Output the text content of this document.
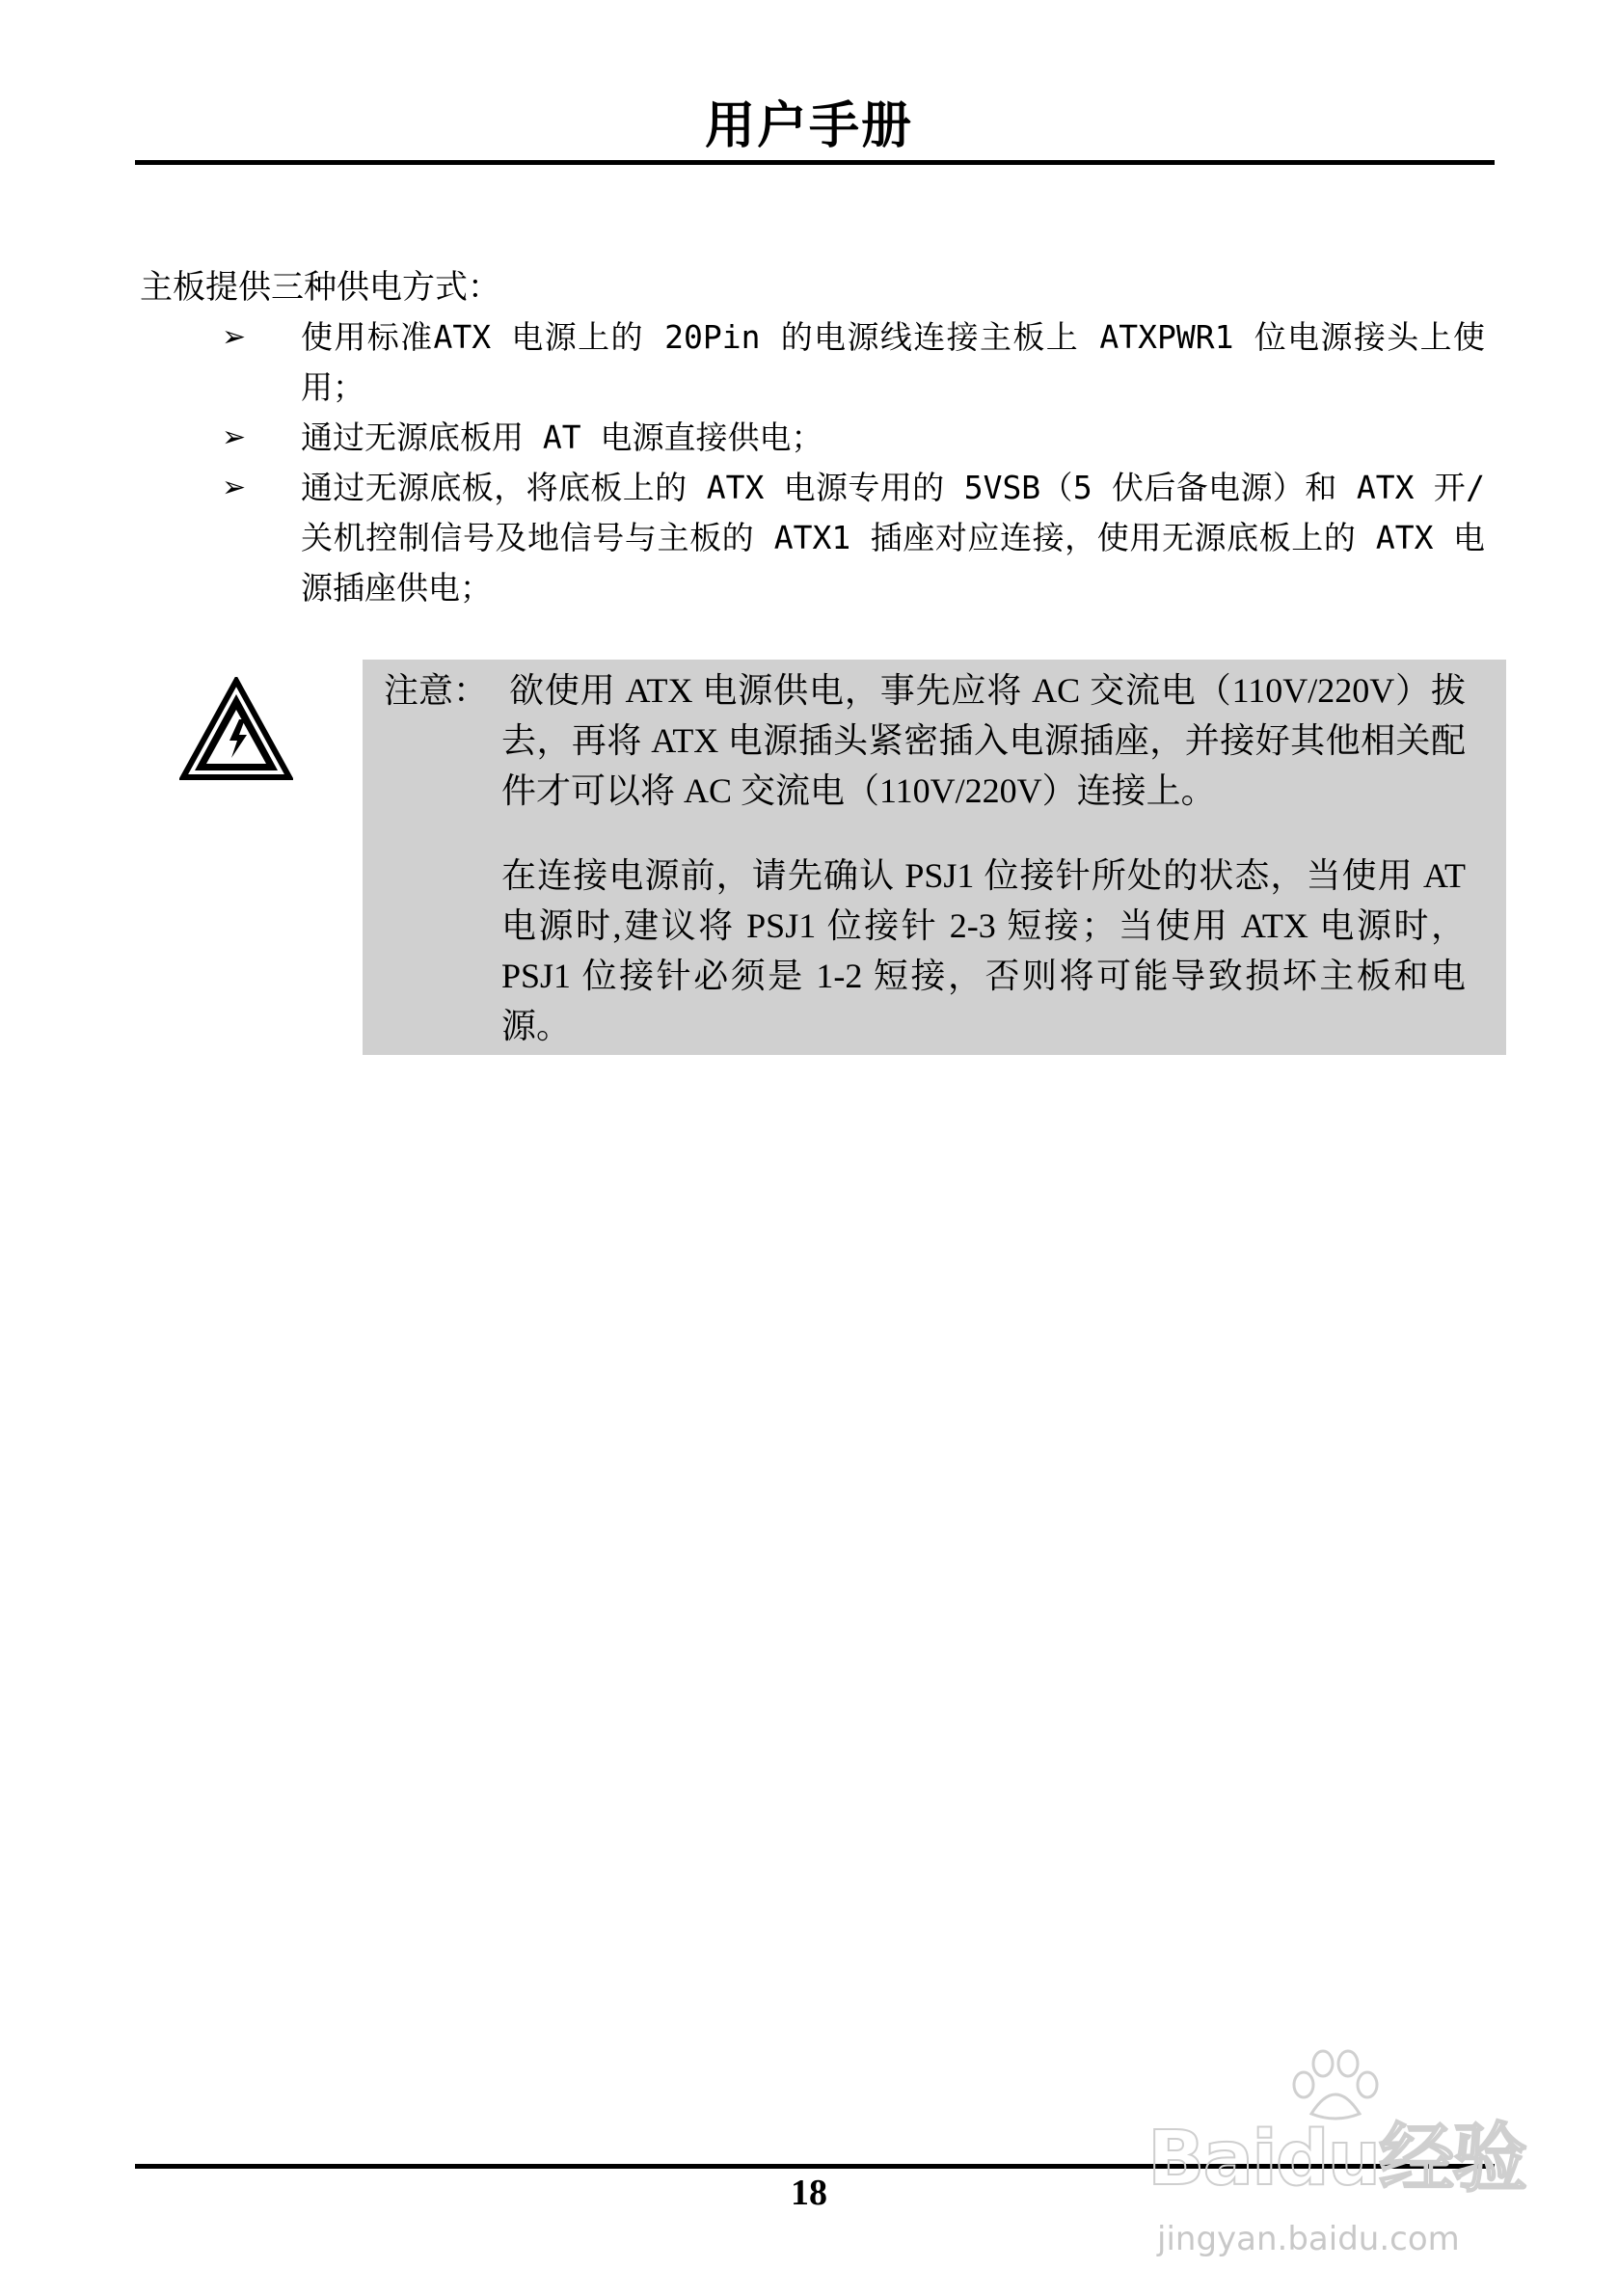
用户手册
主板提供三种供电方式：
➢ 使用标准ATX 电源上的 20Pin 的电源线连接主板上 ATXPWR1 位电源接头上使用；
➢ 通过无源底板用 AT 电源直接供电；
➢ 通过无源底板，将底板上的 ATX 电源专用的 5VSB（5 伏后备电源）和 ATX 开/关机控制信号及地信号与主板的 ATX1 插座对应连接，使用无源底板上的 ATX 电源插座供电；
注意： 欲使用 ATX 电源供电，事先应将 AC 交流电（110V/220V）拔去，再将 ATX 电源插头紧密插入电源插座，并接好其他相关配件才可以将 AC 交流电（110V/220V）连接上。

在连接电源前，请先确认 PSJ1 位接针所处的状态，当使用 AT 电源时,建议将 PSJ1 位接针 2-3 短接；当使用 ATX 电源时，PSJ1 位接针必须是 1-2 短接，否则将可能导致损坏主板和电源。

18	Baidu经验
jingyan.baidu.com
